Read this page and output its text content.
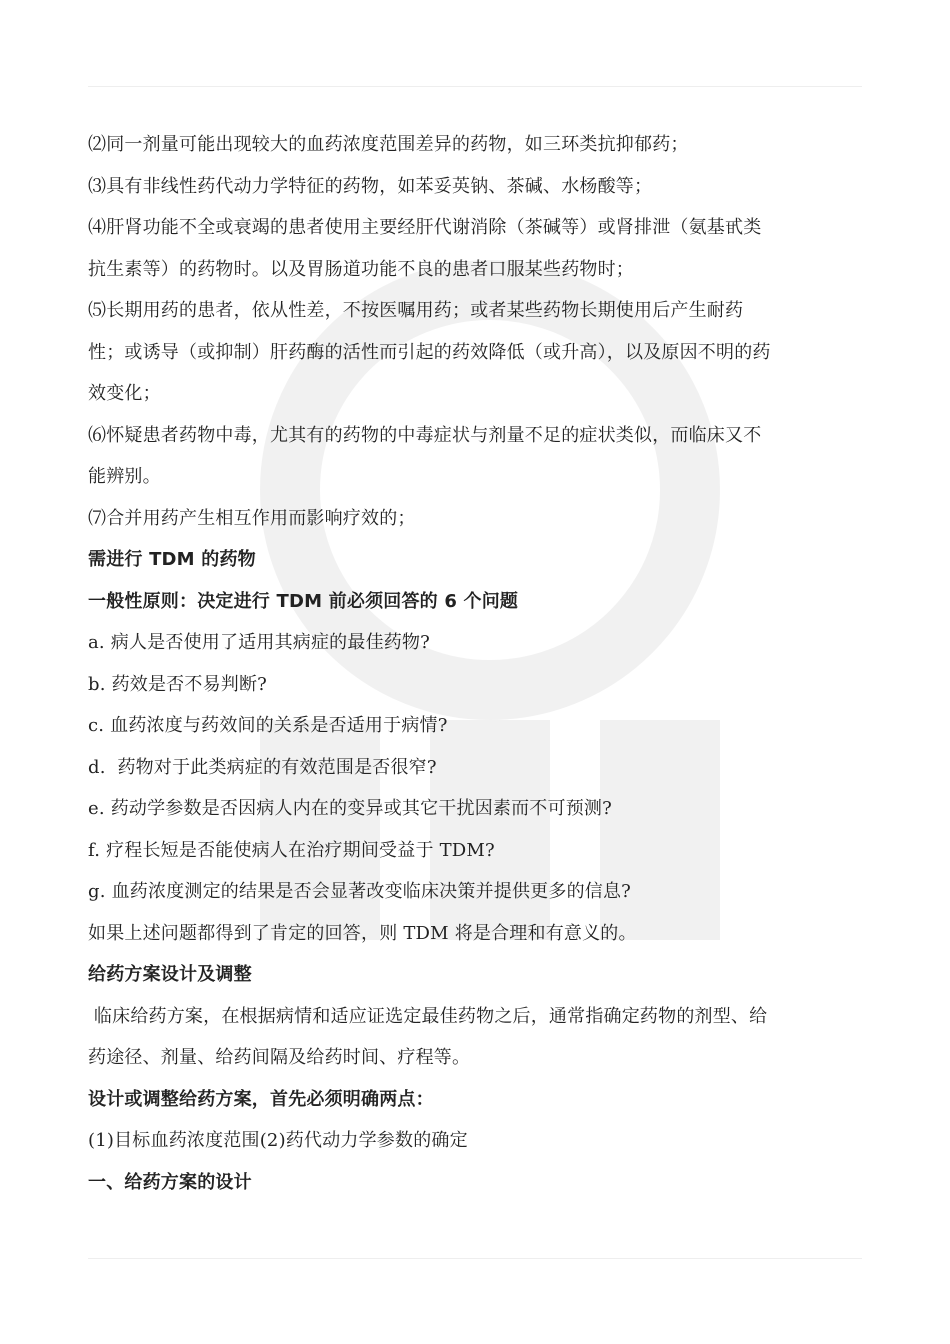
⑵同一剂量可能出现较大的血药浓度范围差异的药物，如三环类抗抑郁药；
⑶具有非线性药代动力学特征的药物，如苯妥英钠、茶碱、水杨酸等；
⑷肝肾功能不全或衰竭的患者使用主要经肝代谢消除（茶碱等）或肾排泄（氨基甙类
抗生素等）的药物时。以及胃肠道功能不良的患者口服某些药物时；
⑸长期用药的患者，依从性差，不按医嘱用药；或者某些药物长期使用后产生耐药
性；或诱导（或抑制）肝药酶的活性而引起的药效降低（或升高），以及原因不明的药
效变化；
⑹怀疑患者药物中毒，尤其有的药物的中毒症状与剂量不足的症状类似，而临床又不
能辨别。
⑺合并用药产生相互作用而影响疗效的；
需进行 TDM 的药物
一般性原则：决定进行 TDM 前必须回答的 6 个问题
a. 病人是否使用了适用其病症的最佳药物?
b. 药效是否不易判断?
c. 血药浓度与药效间的关系是否适用于病情?
d.  药物对于此类病症的有效范围是否很窄?
e. 药动学参数是否因病人内在的变异或其它干扰因素而不可预测?
f. 疗程长短是否能使病人在治疗期间受益于 TDM?
g. 血药浓度测定的结果是否会显著改变临床决策并提供更多的信息?
如果上述问题都得到了肯定的回答，则 TDM 将是合理和有意义的。
给药方案设计及调整
临床给药方案，在根据病情和适应证选定最佳药物之后，通常指确定药物的剂型、给
药途径、剂量、给药间隔及给药时间、疗程等。
设计或调整给药方案，首先必须明确两点：
(1)目标血药浓度范围(2)药代动力学参数的确定
一、给药方案的设计
